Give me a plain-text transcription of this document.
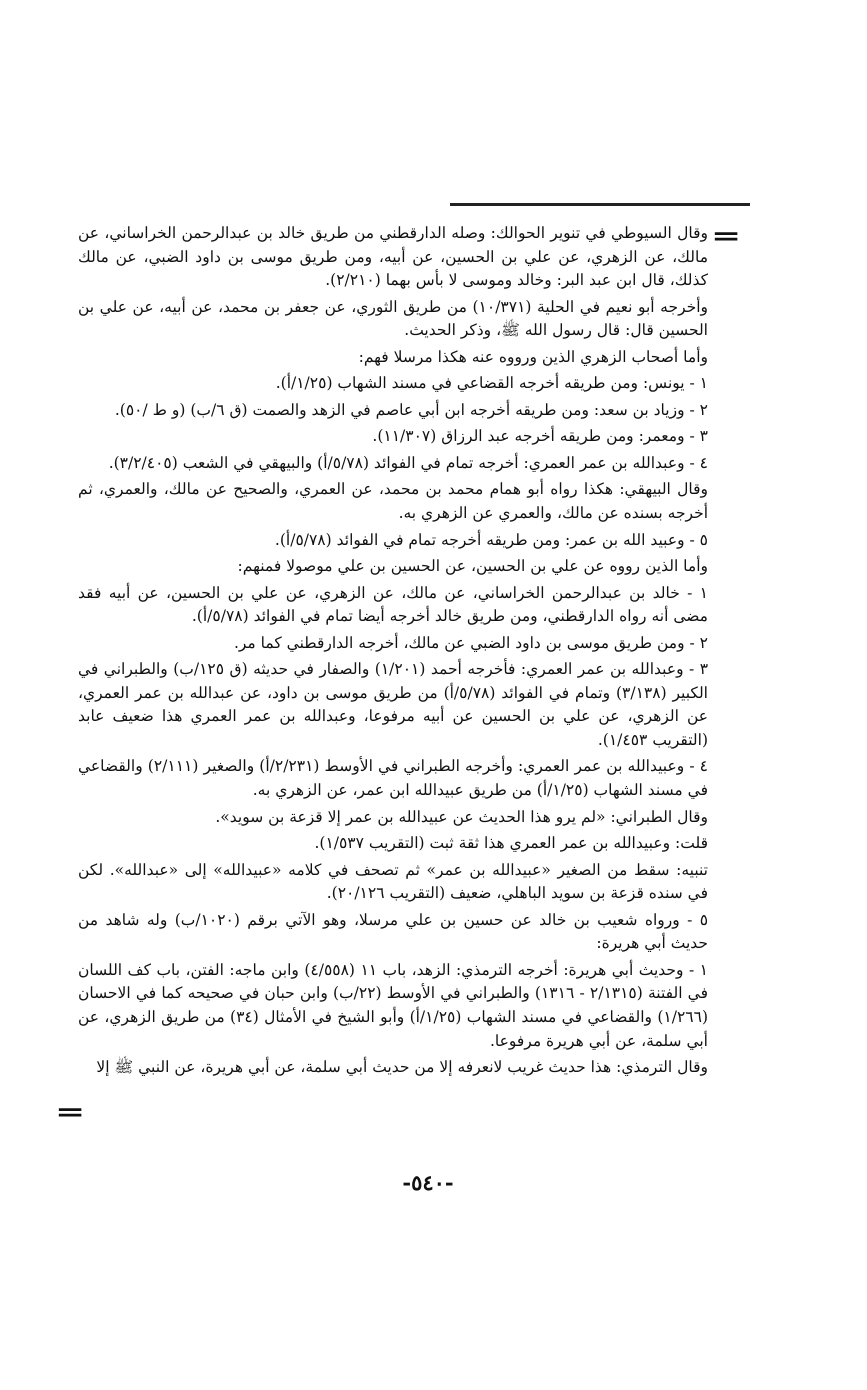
=

وقال السيوطي في تنوير الحوالك: وصله الدارقطني من طريق خالد بن عبدالرحمن الخراساني، عن مالك، عن الزهري، عن علي بن الحسين، عن أبيه، ومن طريق موسى بن داود الضبي، عن مالك كذلك، قال ابن عبد البر: وخالد وموسى لا بأس بهما (٢/٢١٠).

وأخرجه أبو نعيم في الحلية (١٠/٣٧١) من طريق الثوري، عن جعفر بن محمد، عن أبيه، عن علي بن الحسين قال: قال رسول الله ﷺ، وذكر الحديث.

وأما أصحاب الزهري الذين ورووه عنه هكذا مرسلا فهم:

١ - يونس: ومن طريقه أخرجه القضاعي في مسند الشهاب (١/٢٥/أ).

٢ - وزياد بن سعد: ومن طريقه أخرجه ابن أبي عاصم في الزهد والصمت (ق ٦/ب) (و ط /٥٠).

٣ - ومعمر: ومن طريقه أخرجه عبد الرزاق (١١/٣٠٧).

٤ - وعبدالله بن عمر العمري: أخرجه تمام في الفوائد (٥/٧٨/أ) والبيهقي في الشعب (٣/٢/٤٠٥).

وقال البيهقي: هكذا رواه أبو همام محمد بن محمد، عن العمري، والصحيح عن مالك، والعمري، ثم أخرجه بسنده عن مالك، والعمري عن الزهري به.

٥ - وعبيد الله بن عمر: ومن طريقه أخرجه تمام في الفوائد (٥/٧٨/أ).

وأما الذين رووه عن علي بن الحسين، عن الحسين بن علي موصولا فمنهم:

١ - خالد بن عبدالرحمن الخراساني، عن مالك، عن الزهري، عن علي بن الحسين، عن أبيه فقد مضى أنه رواه الدارقطني، ومن طريق خالد أخرجه أيضا تمام في الفوائد (٥/٧٨/أ).

٢ - ومن طريق موسى بن داود الضبي عن مالك، أخرجه الدارقطني كما مر.

٣ - وعبدالله بن عمر العمري: فأخرجه أحمد (١/٢٠١) والصفار في حديثه (ق ١٢٥/ب) والطبراني في الكبير (٣/١٣٨) وتمام في الفوائد (٥/٧٨/أ) من طريق موسى بن داود، عن عبدالله بن عمر العمري، عن الزهري، عن علي بن الحسين عن أبيه مرفوعا، وعبدالله بن عمر العمري هذا ضعيف عابد (التقريب ١/٤٥٣).

٤ - وعبيدالله بن عمر العمري: وأخرجه الطبراني في الأوسط (٢/٢٣١/أ) والصغير (٢/١١١) والقضاعي في مسند الشهاب (١/٢٥/أ) من طريق عبيدالله ابن عمر، عن الزهري به.

وقال الطبراني: «لم يرو هذا الحديث عن عبيدالله بن عمر إلا قزعة بن سويد».

قلت: وعبيدالله بن عمر العمري هذا ثقة ثبت (التقريب ١/٥٣٧).

تنبيه: سقط من الصغير «عبيدالله بن عمر» ثم تصحف في كلامه «عبيدالله» إلى «عبدالله». لكن في سنده قزعة بن سويد الباهلي، ضعيف (التقريب ٢٠/١٢٦).

٥ - ورواه شعيب بن خالد عن حسين بن علي مرسلا، وهو الآتي برقم (١٠٢٠/ب) وله شاهد من حديث أبي هريرة:

١ - وحديث أبي هريرة: أخرجه الترمذي: الزهد، باب ١١ (٤/٥٥٨) وابن ماجه: الفتن، باب كف اللسان في الفتنة (٢/١٣١٥ - ١٣١٦) والطبراني في الأوسط (٢٢/ب) وابن حبان في صحيحه كما في الاحسان (١/٢٦٦) والقضاعي في مسند الشهاب (١/٢٥/أ) وأبو الشيخ في الأمثال (٣٤) من طريق الزهري، عن أبي سلمة، عن أبي هريرة مرفوعا.

وقال الترمذي: هذا حديث غريب لانعرفه إلا من حديث أبي سلمة، عن أبي هريرة، عن النبي ﷺ إلا

=
-٥٤٠-
